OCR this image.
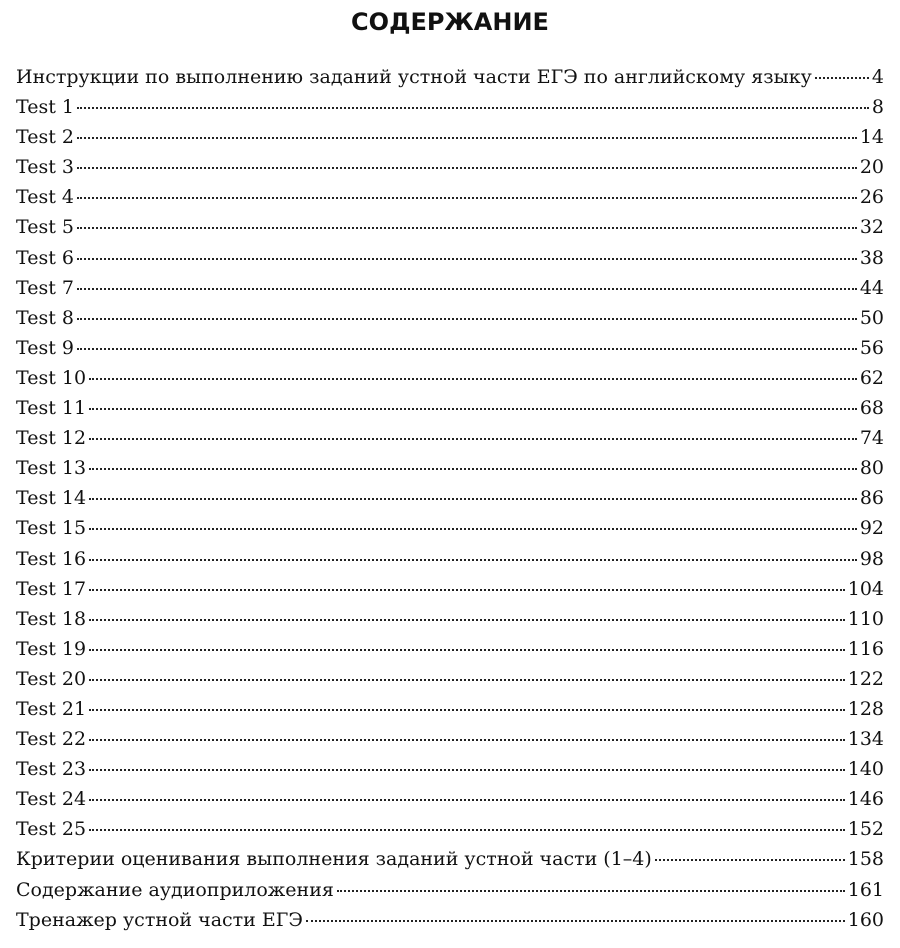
СОДЕРЖАНИЕ
Инструкции по выполнению заданий устной части ЕГЭ по английскому языку	4
Test 1	8
Test 2	14
Test 3	20
Test 4	26
Test 5	32
Test 6	38
Test 7	44
Test 8	50
Test 9	56
Test 10	62
Test 11	68
Test 12	74
Test 13	80
Test 14	86
Test 15	92
Test 16	98
Test 17	104
Test 18	110
Test 19	116
Test 20	122
Test 21	128
Test 22	134
Test 23	140
Test 24	146
Test 25	152
Критерии оценивания выполнения заданий устной части (1–4)	158
Содержание аудиоприложения	161
Тренажер устной части ЕГЭ	160
